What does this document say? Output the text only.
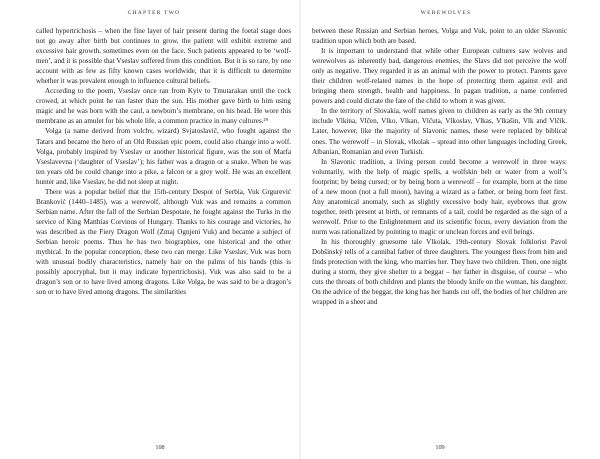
CHAPTER TWO

called hypertrichosis – when the fine layer of hair present during the foetal stage does not go away after birth but continues to grow, the patient will exhibit extreme and excessive hair growth, sometimes even on the face. Such patients appeared to be ‘wolf-men’, and it is possible that Vseslav suffered from this condition. But it is so rare, by one account with as few as fifty known cases worldwide, that it is difficult to determine whether it was prevalent enough to influence cultural beliefs.

According to the poem, Vseslav once ran from Kyiv to Tmutarakan until the cock crowed, at which point he ran faster than the sun. His mother gave birth to him using magic and he was born with the caul, a newborn’s membrane, on his head. He wore this membrane as an amulet for his whole life, a common practice in many cultures.²⁹

Volga (a name derived from volchv, wizard) Svjatoslavič, who fought against the Tatars and became the hero of an Old Russian epic poem, could also change into a wolf. Volga, probably inspired by Vseslav or another historical figure, was the son of Marfa Vseslavevna (‘daughter of Vseslav’); his father was a dragon or a snake. When he was ten years old he could change into a pike, a falcon or a grey wolf. He was an excellent hunter and, like Vseslav, he did not sleep at night.

There was a popular belief that the 15th-century Despot of Serbia, Vuk Grgurević Branković (1440–1485), was a werewolf, although Vuk was and remains a common Serbian name. After the fall of the Serbian Despotate, he fought against the Turks in the service of King Matthias Corvinus of Hungary. Thanks to his courage and victories, he was described as the Fiery Dragon Wolf (Zmaj Ognjeni Vuk) and became a subject of Serbian heroic poems. Thus he has two biographies, one historical and the other mythical. In the popular conception, these two can merge. Like Vseslav, Vuk was born with unusual bodily characteristics, namely hair on the palms of his hands (this is possibly apocryphal, but it may indicate hypertrichosis). Vuk was also said to be a dragon’s son or to have lived among dragons. Like Volga, he was said to be a dragon’s son or to have lived among dragons. The similarities

108
WEREWOLVES

between these Russian and Serbian heroes, Volga and Vuk, point to an older Slavonic tradition upon which both are based.

It is important to understand that while other European cultures saw wolves and werewolves as inherently bad, dangerous enemies, the Slavs did not perceive the wolf only as negative. They regarded it as an animal with the power to protect. Parents gave their children wolf-related names in the hope of protecting them against evil and bringing them strength, health and happiness. In pagan tradition, a name conferred powers and could dictate the fate of the child to whom it was given.

In the territory of Slovakia, wolf names given to children as early as the 9th century include Vlkina, Vlčen, Vlko, Vlkan, Vlčuta, Vlkoslav, Vlkas, Vlkašin, Vlk and Vlčík. Later, however, like the majority of Slavonic names, these were replaced by biblical ones. The werewolf – in Slovak, vlkolak – spread into other languages including Greek, Albanian, Romanian and even Turkish.

In Slavonic tradition, a living person could become a werewolf in three ways: voluntarily, with the help of magic spells, a wolfskin belt or water from a wolf’s footprint; by being cursed; or by being born a werewolf – for example, born at the time of a new moon (not a full moon), having a wizard as a father, or being born feet first. Any anatomical anomaly, such as slightly excessive body hair, eyebrows that grow together, teeth present at birth, or remnants of a tail, could be regarded as the sign of a werewolf. Prior to the Enlightenment and its scientific focus, every deviation from the norm was rationalized by pointing to magic or unclean forces and evil beings.

In his thoroughly gruesome tale Vlkolak, 19th-century Slovak folklorist Pavol Dobšinský tells of a cannibal father of three daughters. The youngest flees from him and finds protection with the king, who marries her. They have two children. Then, one night during a storm, they give shelter to a beggar – her father in disguise, of course – who cuts the throats of both children and plants the bloody knife on the woman, his daughter. On the advice of the beggar, the king has her hands cut off, the bodies of her children are wrapped in a sheet and

109
